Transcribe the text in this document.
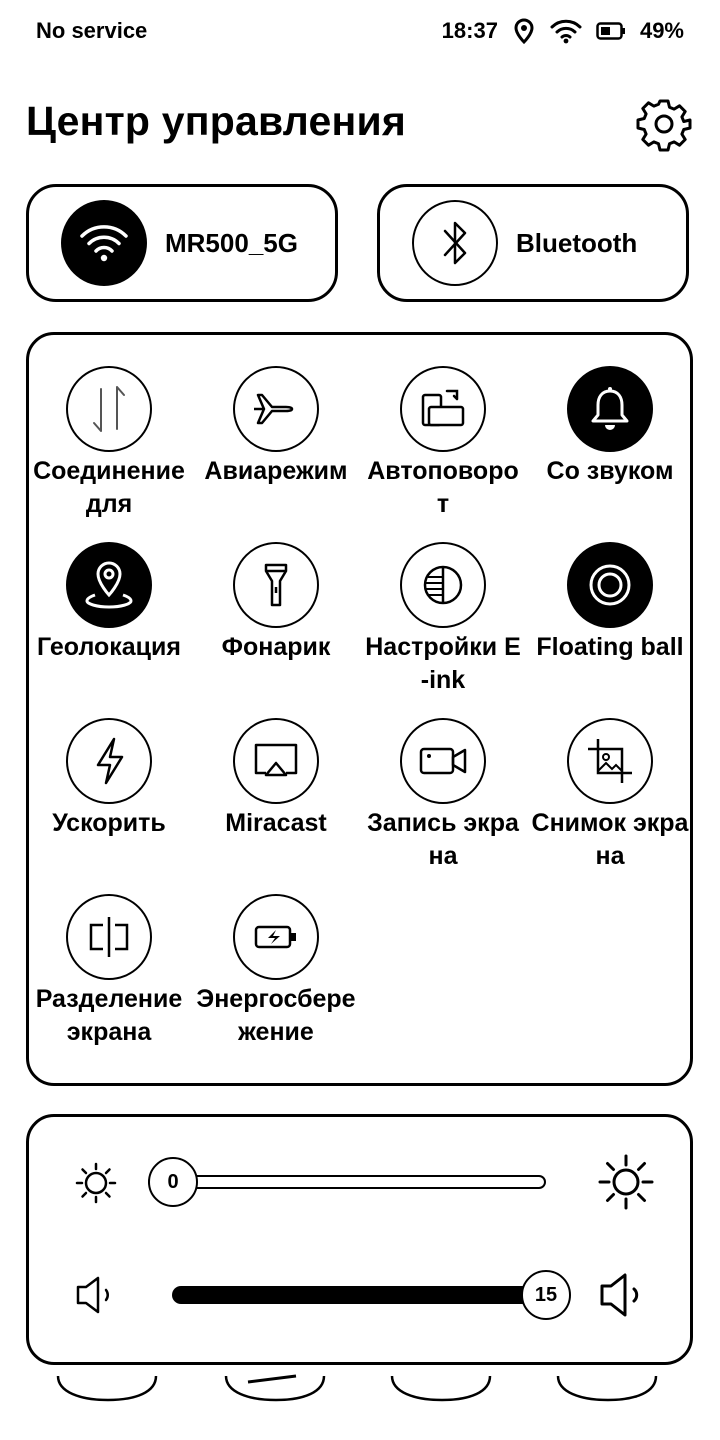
No service	18:37	49%
Центр управления
MR500_5G	Bluetooth
Соединение для
Авиарежим Автоповорот
Со звуком
Геолокация	Фонарик	Настройки E-ink
Floating ball
Ускорить	Miracast	Запись экрана
Снимок экрана
Разделение экрана
Энергосбережение
0
15
